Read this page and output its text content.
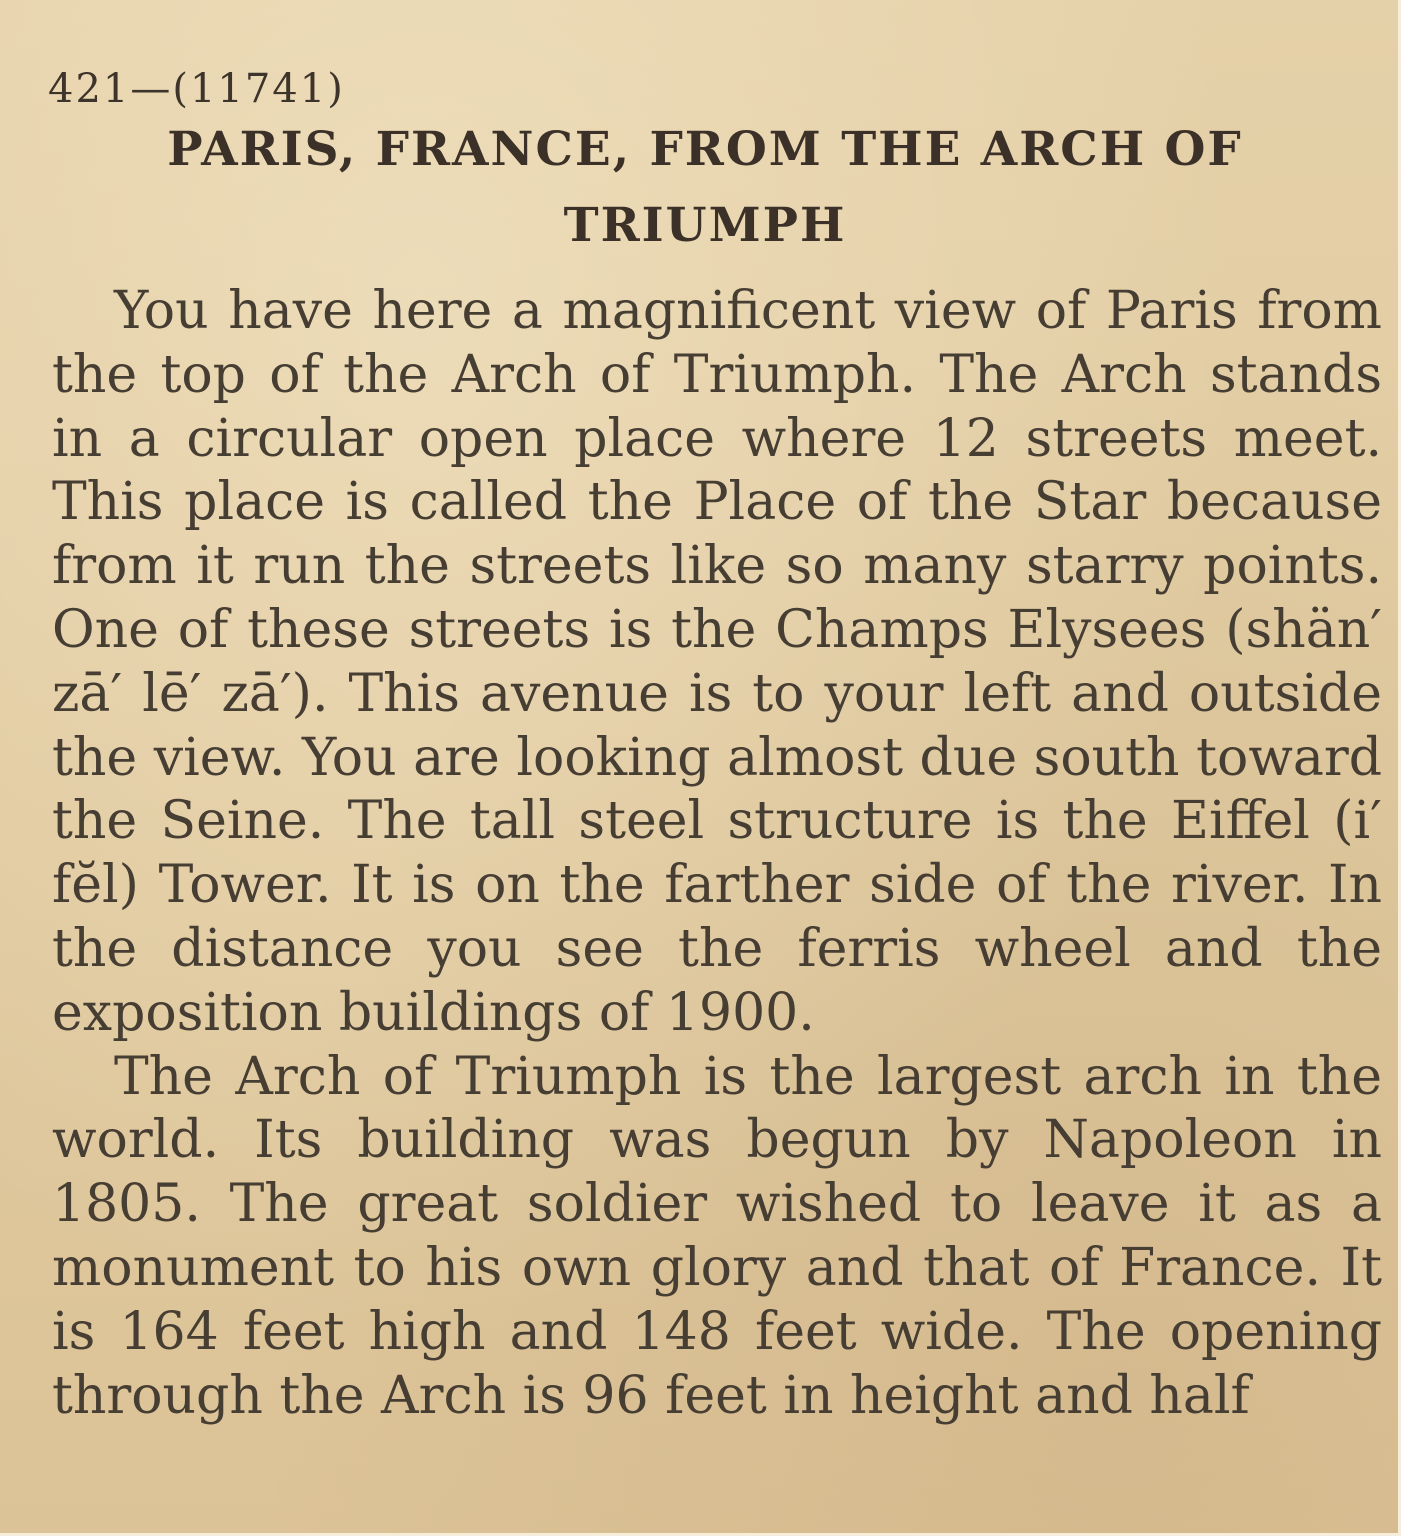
421—(11741)
PARIS, FRANCE, FROM THE ARCH OF TRIUMPH

You have here a magnificent view of Paris from the top of the Arch of Triumph. The Arch stands in a circular open place where 12 streets meet. This place is called the Place of the Star because from it run the streets like so many starry points. One of these streets is the Champs Elysees (shän′ zā′ lē′ zā′). This avenue is to your left and outside the view. You are looking almost due south toward the Seine. The tall steel structure is the Eiffel (i′ fĕl) Tower. It is on the farther side of the river. In the distance you see the ferris wheel and the exposition buildings of 1900.

The Arch of Triumph is the largest arch in the world. Its building was begun by Napoleon in 1805. The great soldier wished to leave it as a monument to his own glory and that of France. It is 164 feet high and 148 feet wide. The opening through the Arch is 96 feet in height and half
